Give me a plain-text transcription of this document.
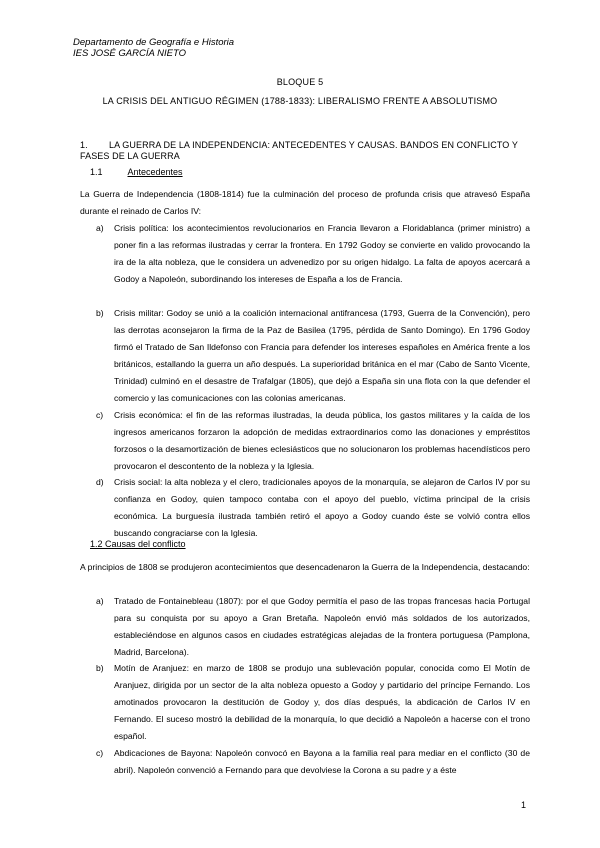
Departamento de Geografía e Historia
IES JOSÉ GARCÍA NIETO
BLOQUE 5
LA CRISIS DEL ANTIGUO RÉGIMEN (1788-1833): LIBERALISMO FRENTE A ABSOLUTISMO
1. LA GUERRA DE LA INDEPENDENCIA: ANTECEDENTES Y CAUSAS. BANDOS EN CONFLICTO Y FASES DE LA GUERRA
1.1	Antecedentes
La Guerra de Independencia (1808-1814) fue la culminación del proceso de profunda crisis que atravesó España durante el reinado de Carlos IV:
a) Crisis política: los acontecimientos revolucionarios en Francia llevaron a Floridablanca (primer ministro) a poner fin a las reformas ilustradas y cerrar la frontera. En 1792 Godoy se convierte en valido provocando la ira de la alta nobleza, que le considera un advenedizo por su origen hidalgo. La falta de apoyos acercará a Godoy a Napoleón, subordinando los intereses de España a los de Francia.
b) Crisis militar: Godoy se unió a la coalición internacional antifrancesa (1793, Guerra de la Convención), pero las derrotas aconsejaron la firma de la Paz de Basilea (1795, pérdida de Santo Domingo). En 1796 Godoy firmó el Tratado de San Ildefonso con Francia para defender los intereses españoles en América frente a los británicos, estallando la guerra un año después. La superioridad británica en el mar (Cabo de Santo Vicente, Trinidad) culminó en el desastre de Trafalgar (1805), que dejó a España sin una flota con la que defender el comercio y las comunicaciones con las colonias americanas.
c) Crisis económica: el fin de las reformas ilustradas, la deuda pública, los gastos militares y la caída de los ingresos americanos forzaron la adopción de medidas extraordinarios como las donaciones y empréstitos forzosos o la desamortización de bienes eclesiásticos que no solucionaron los problemas hacendísticos pero provocaron el descontento de la nobleza y la Iglesia.
d) Crisis social: la alta nobleza y el clero, tradicionales apoyos de la monarquía, se alejaron de Carlos IV por su confianza en Godoy, quien tampoco contaba con el apoyo del pueblo, víctima principal de la crisis económica. La burguesía ilustrada también retiró el apoyo a Godoy cuando éste se volvió contra ellos buscando congraciarse con la Iglesia.
1.2 Causas del conflicto
A principios de 1808 se produjeron acontecimientos que desencadenaron la Guerra de la Independencia, destacando:
a) Tratado de Fontainebleau (1807): por el que Godoy permitía el paso de las tropas francesas hacia Portugal para su conquista por su apoyo a Gran Bretaña. Napoleón envió más soldados de los autorizados, estableciéndose en algunos casos en ciudades estratégicas alejadas de la frontera portuguesa (Pamplona, Madrid, Barcelona).
b) Motín de Aranjuez: en marzo de 1808 se produjo una sublevación popular, conocida como El Motín de Aranjuez, dirigida por un sector de la alta nobleza opuesto a Godoy y partidario del príncipe Fernando. Los amotinados provocaron la destitución de Godoy y, dos días después, la abdicación de Carlos IV en Fernando. El suceso mostró la debilidad de la monarquía, lo que decidió a Napoleón a hacerse con el trono español.
c) Abdicaciones de Bayona: Napoleón convocó en Bayona a la familia real para mediar en el conflicto (30 de abril). Napoleón convenció a Fernando para que devolviese la Corona a su padre y a éste
1
